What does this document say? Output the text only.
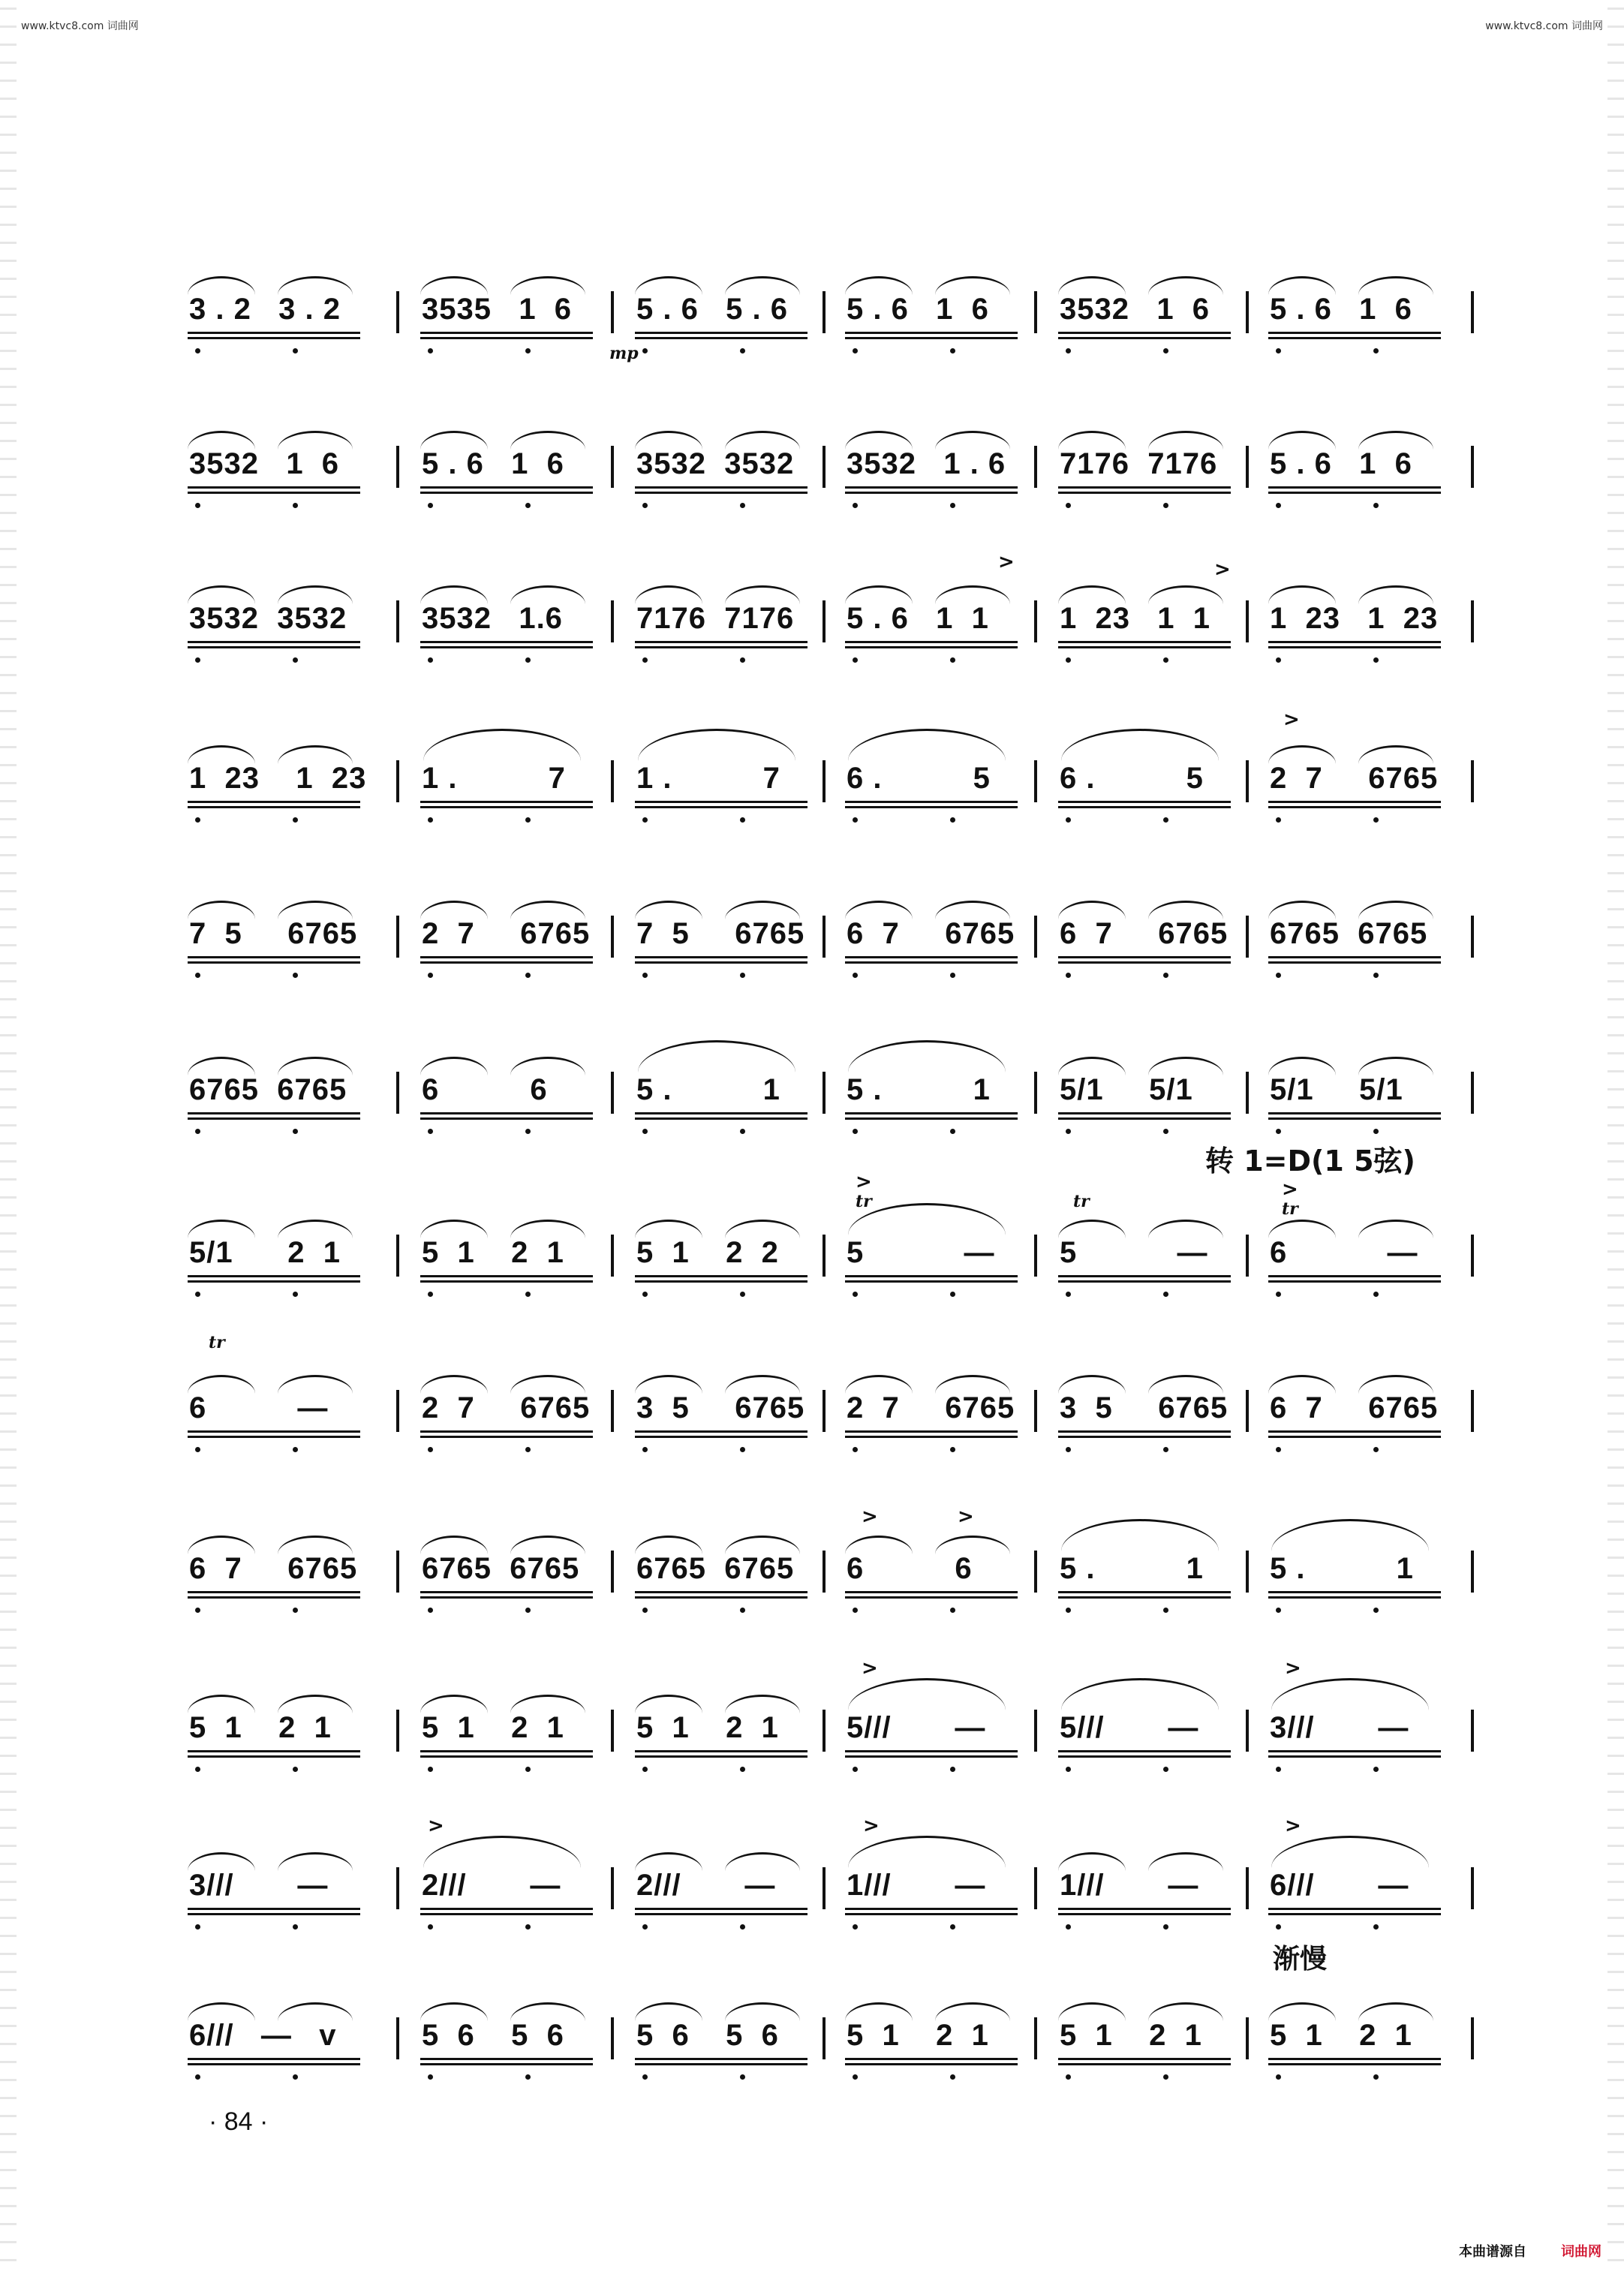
www.ktvc8.com 词曲网	www.ktvc8.com 词曲网
3 . 2   3 . 2	3535   1  6 5 . 6   5 . 6 5 . 6   1  6 3532   1  6 5 . 6   1  6
3532   1  6	5 . 6   1  6 3532  3532 3532   1 . 6 7176  7176 5 . 6   1  6
3532  3532 3532   1.6 7176  7176 5 . 6   1  1 1  23   1  1 1  23   1  23
1  23    1  23 1 .          7 1 .          7 6 .          5 6 .          5 2  7     6765
7  5     6765 2  7     6765 7  5     6765 6  7     6765 6  7     6765 6765  6765
6765  6765 6          6	5 .          1 5 .          1 5/1     5/1	5/1     5/1
5/1      2  1	5  1    2  1 5  1    2  2 5           — 5           — 6           —
6          —	2  7     6765 3  5     6765 2  7     6765 3  5     6765 6  7     6765
6  7     6765 6765  6765 6765  6765 6          6	5 .          1 5 .          1
5  1    2  1	5  1    2  1 5  1    2  1 5///       — 5///       — 3///       —
3///       —	2///       —	2///       — 1///       — 1///       — 6///       —
6///   —   v	5  6    5  6 5  6    5  6 5  1    2  1 5  1    2  1 5  1    2  1
mp
转 1=D(1 5弦)
渐慢
tr	tr	tr
tr
>	>
>
>	>
>	>
>	>
>	>	>
· 84 ·
本曲谱源自	词曲网
